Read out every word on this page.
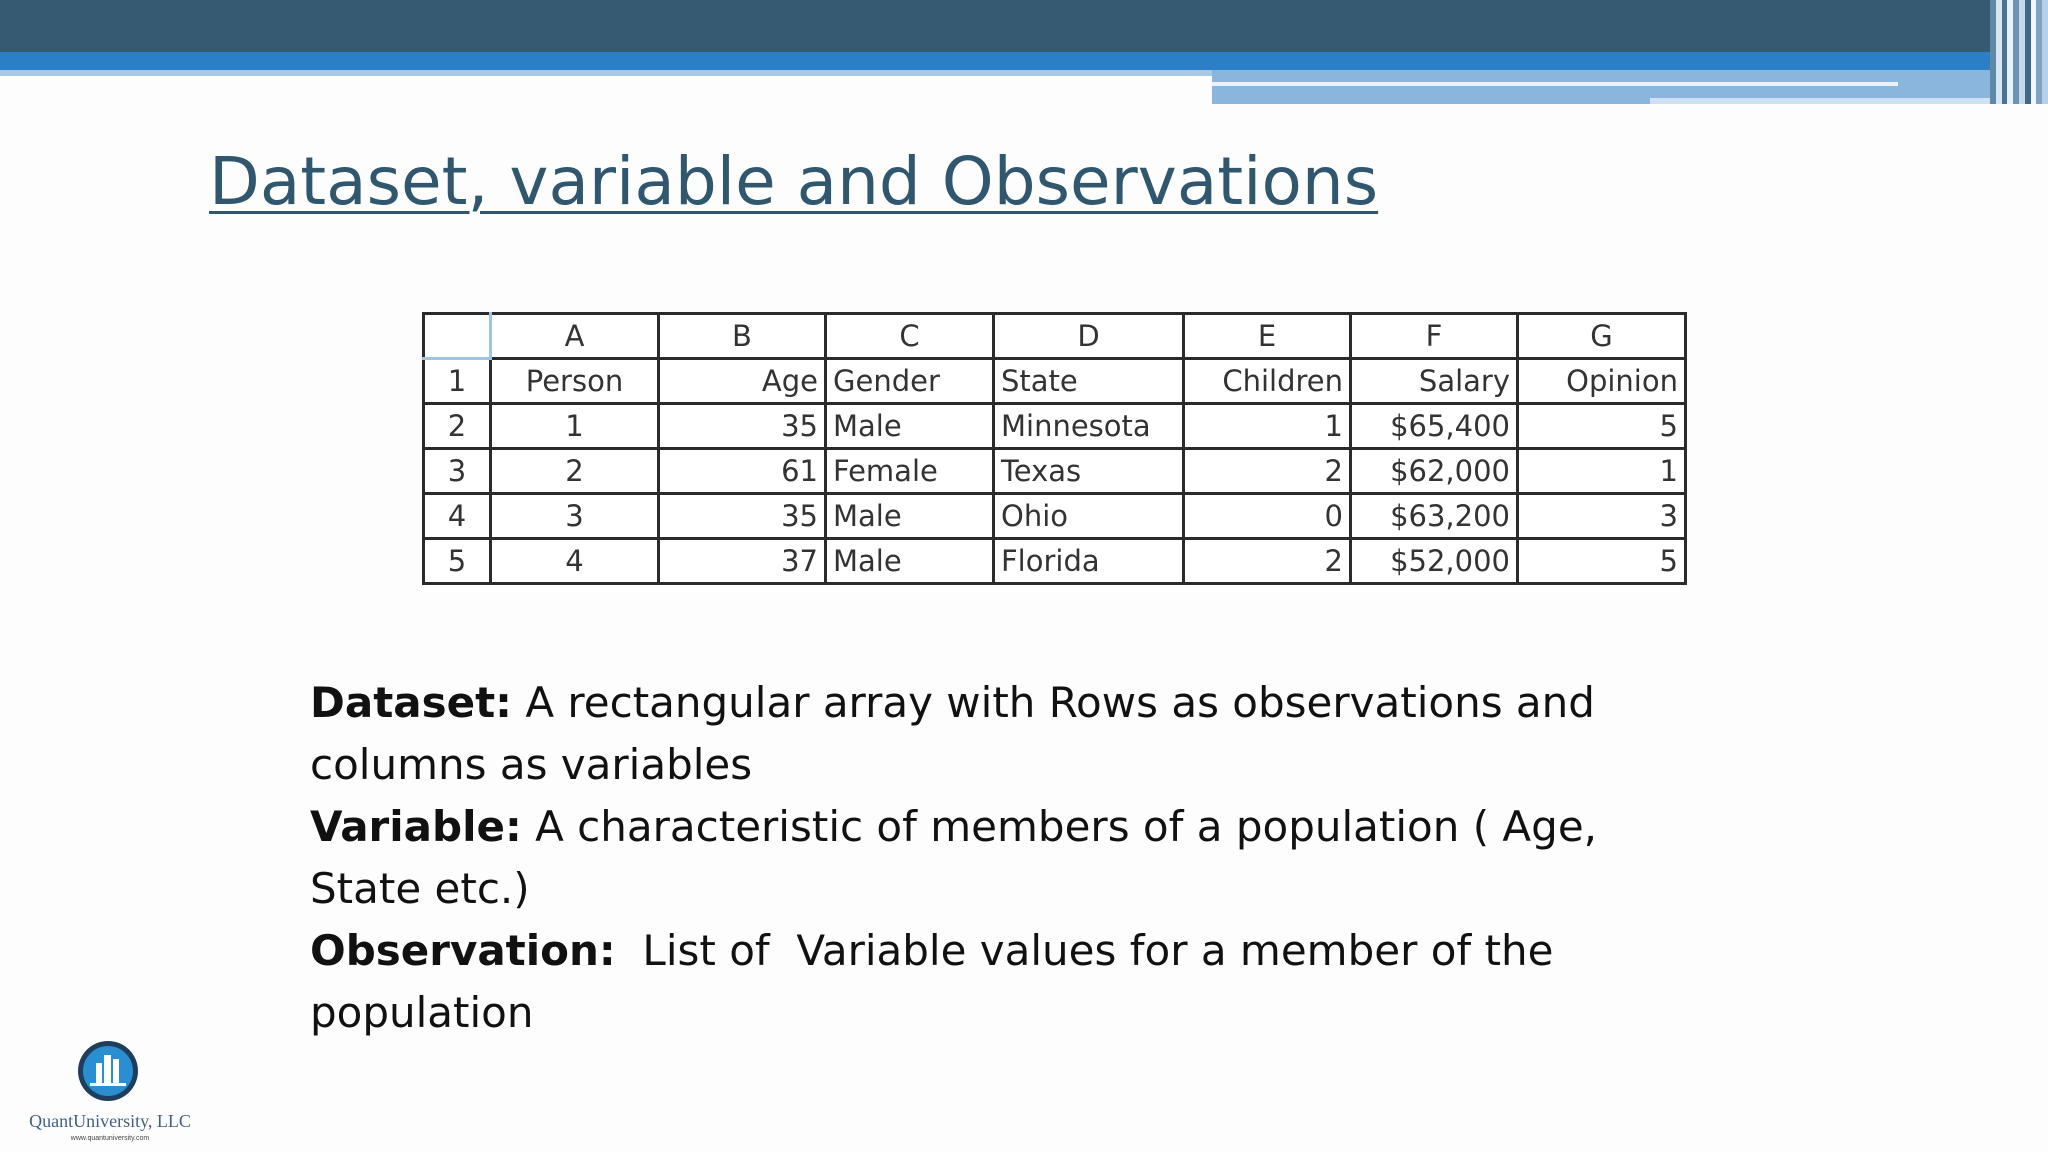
Dataset, variable and Observations
	A	B	C	D	E	F	G
1	Person	Age	Gender	State	Children	Salary	Opinion
2	1	35	Male	Minnesota	1	$65,400	5
3	2	61	Female	Texas	2	$62,000	1
4	3	35	Male	Ohio	0	$63,200	3
5	4	37	Male	Florida	2	$52,000	5

Dataset: A rectangular array with Rows as observations and columns as variables

Variable: A characteristic of members of a population ( Age, State etc.)

Observation:  List of  Variable values for a member of the population

QuantUniversity, LLC
www.quantuniversity.com
